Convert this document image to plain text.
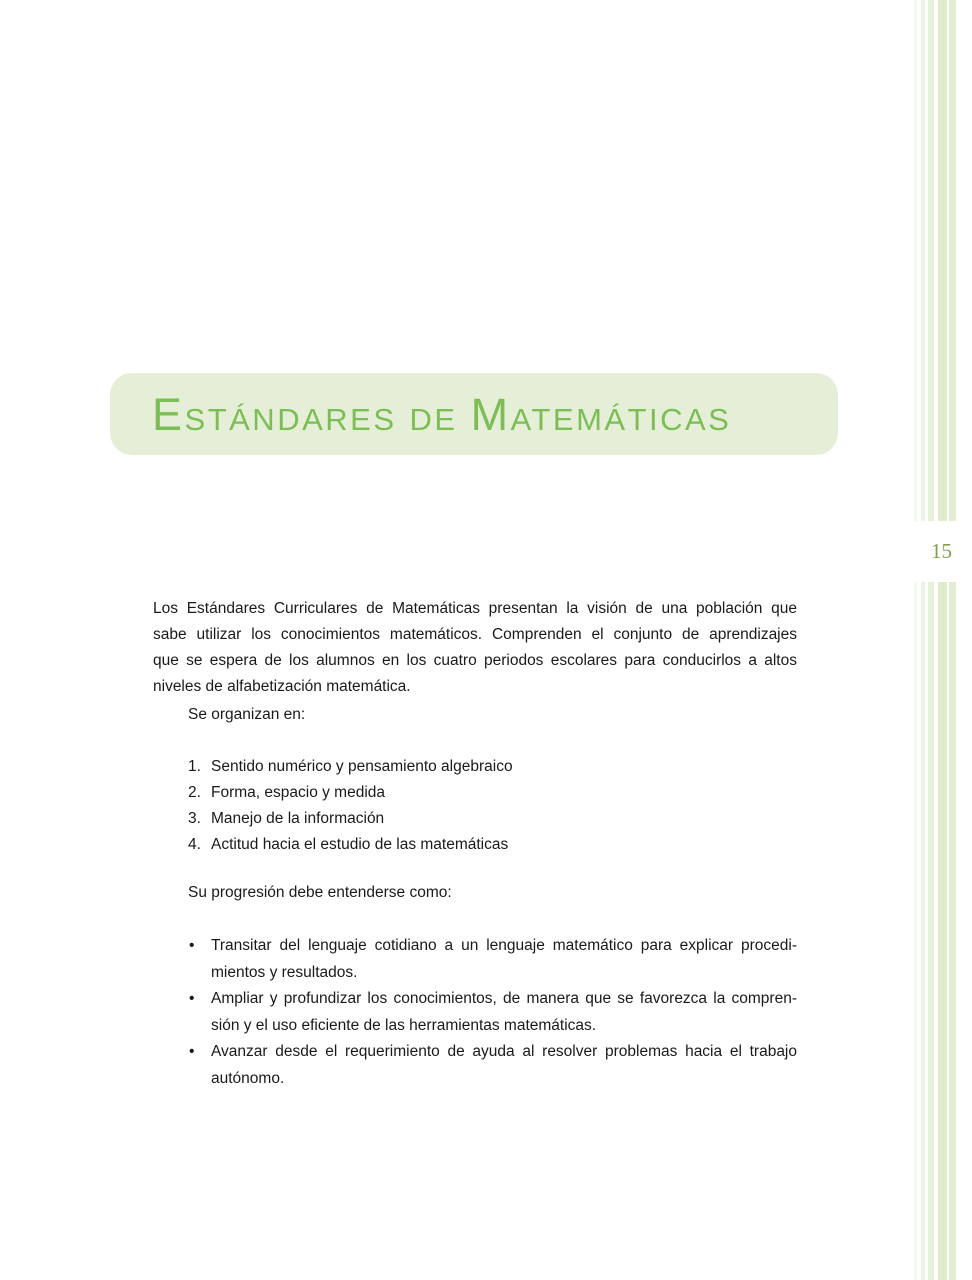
15
ESTÁNDARES DE MATEMÁTICAS
Los Estándares Curriculares de Matemáticas presentan la visión de una población que
sabe utilizar los conocimientos matemáticos. Comprenden el conjunto de aprendizajes
que se espera de los alumnos en los cuatro periodos escolares para conducirlos a altos
niveles de alfabetización matemática.
Se organizan en:
1. Sentido numérico y pensamiento algebraico
2. Forma, espacio y medida
3. Manejo de la información
4. Actitud hacia el estudio de las matemáticas
Su progresión debe entenderse como:
• Transitar del lenguaje cotidiano a un lenguaje matemático para explicar procedi-
mientos y resultados.
• Ampliar y profundizar los conocimientos, de manera que se favorezca la compren-
sión y el uso eficiente de las herramientas matemáticas.
• Avanzar desde el requerimiento de ayuda al resolver problemas hacia el trabajo
autónomo.
